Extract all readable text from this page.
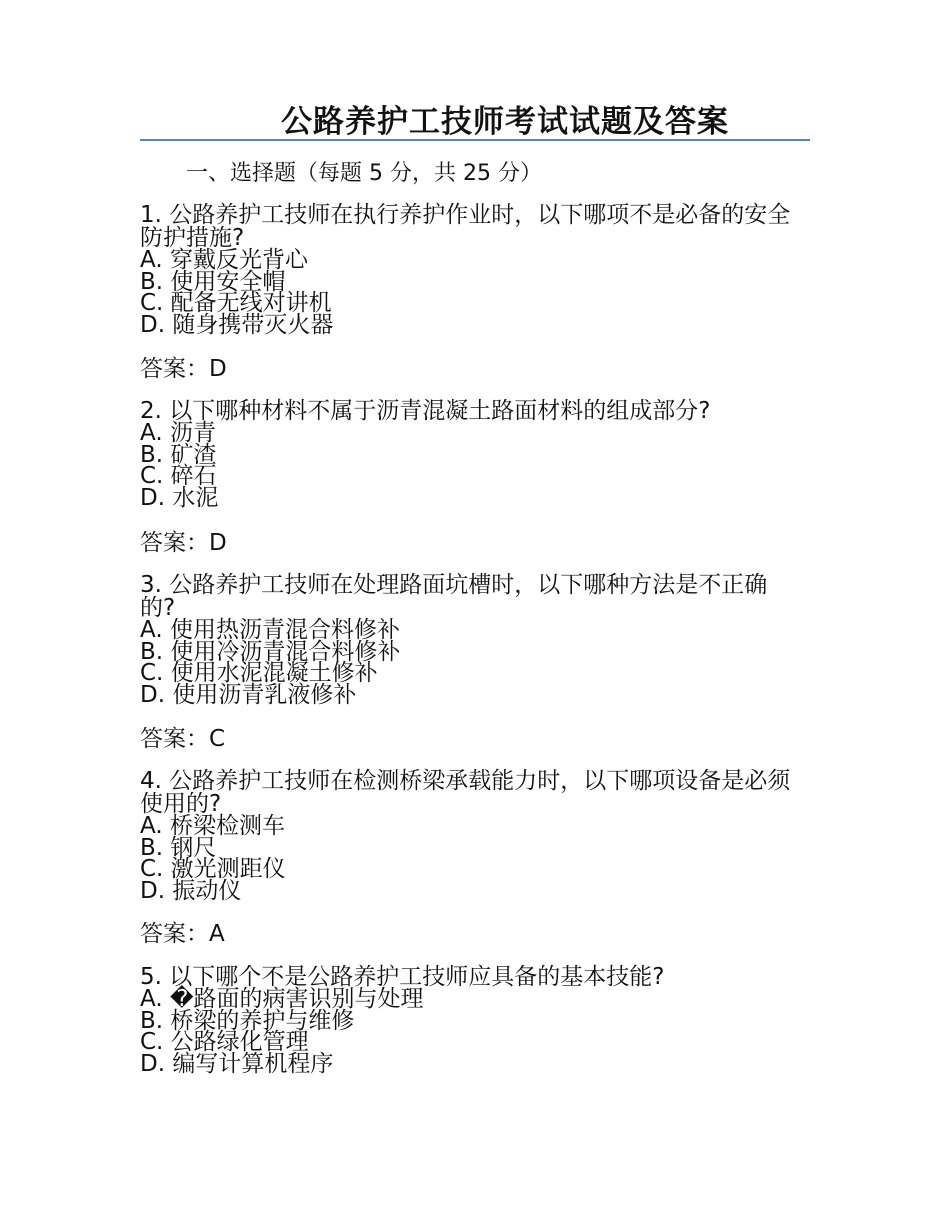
公路养护工技师考试试题及答案
一、选择题（每题 5 分，共 25 分）
1. 公路养护工技师在执行养护作业时，以下哪项不是必备的安全防护措施?
A. 穿戴反光背心
B. 使用安全帽
C. 配备无线对讲机
D. 随身携带灭火器
答案：D
2. 以下哪种材料不属于沥青混凝土路面材料的组成部分?
A. 沥青
B. 矿渣
C. 碎石
D. 水泥
答案：D
3. 公路养护工技师在处理路面坑槽时，以下哪种方法是不正确的?
A. 使用热沥青混合料修补
B. 使用冷沥青混合料修补
C. 使用水泥混凝土修补
D. 使用沥青乳液修补
答案：C
4. 公路养护工技师在检测桥梁承载能力时，以下哪项设备是必须使用的?
A. 桥梁检测车
B. 钢尺
C. 激光测距仪
D. 振动仪
答案：A
5. 以下哪个不是公路养护工技师应具备的基本技能?
A. �路面的病害识别与处理
B. 桥梁的养护与维修
C. 公路绿化管理
D. 编写计算机程序
